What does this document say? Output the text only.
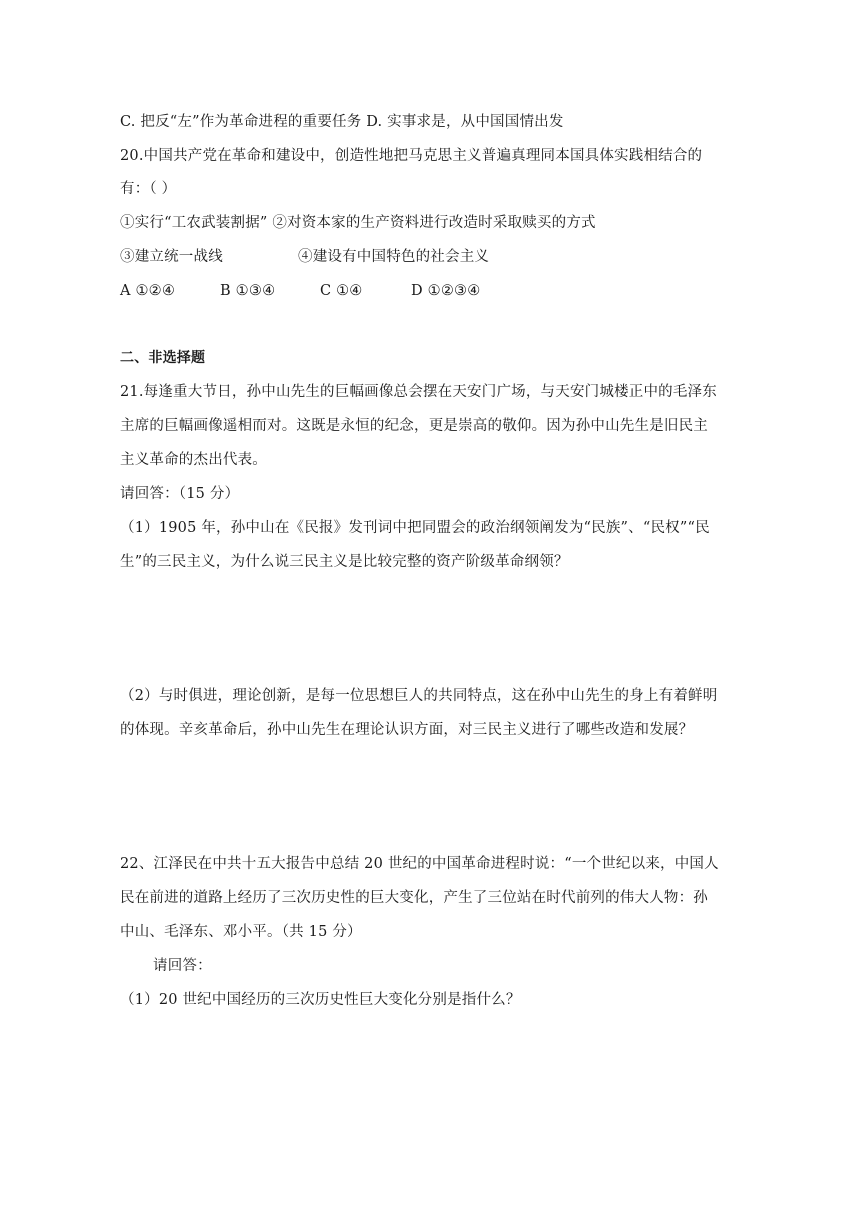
C. 把反“左”作为革命进程的重要任务 D. 实事求是，从中国国情出发
20.中国共产党在革命和建设中，创造性地把马克思主义普遍真理同本国具体实践相结合的
有：（ ）
①实行“工农武装割据” ②对资本家的生产资料进行改造时采取赎买的方式
③建立统一战线	④建设有中国特色的社会主义
A ①②④	B ①③④	C ①④	D ①②③④
二、非选择题
21.每逢重大节日，孙中山先生的巨幅画像总会摆在天安门广场，与天安门城楼正中的毛泽东
主席的巨幅画像遥相而对。这既是永恒的纪念，更是崇高的敬仰。因为孙中山先生是旧民主
主义革命的杰出代表。
请回答：（15 分）
（1）1905 年，孙中山在《民报》发刊词中把同盟会的政治纲领阐发为“民族”、“民权”“民
生”的三民主义，为什么说三民主义是比较完整的资产阶级革命纲领？
（2）与时俱进，理论创新，是每一位思想巨人的共同特点，这在孙中山先生的身上有着鲜明
的体现。辛亥革命后，孙中山先生在理论认识方面，对三民主义进行了哪些改造和发展？
22、江泽民在中共十五大报告中总结 20 世纪的中国革命进程时说：“一个世纪以来，中国人
民在前进的道路上经历了三次历史性的巨大变化，产生了三位站在时代前列的伟大人物：孙
中山、毛泽东、邓小平。（共 15 分）
请回答：
（1）20 世纪中国经历的三次历史性巨大变化分别是指什么？
